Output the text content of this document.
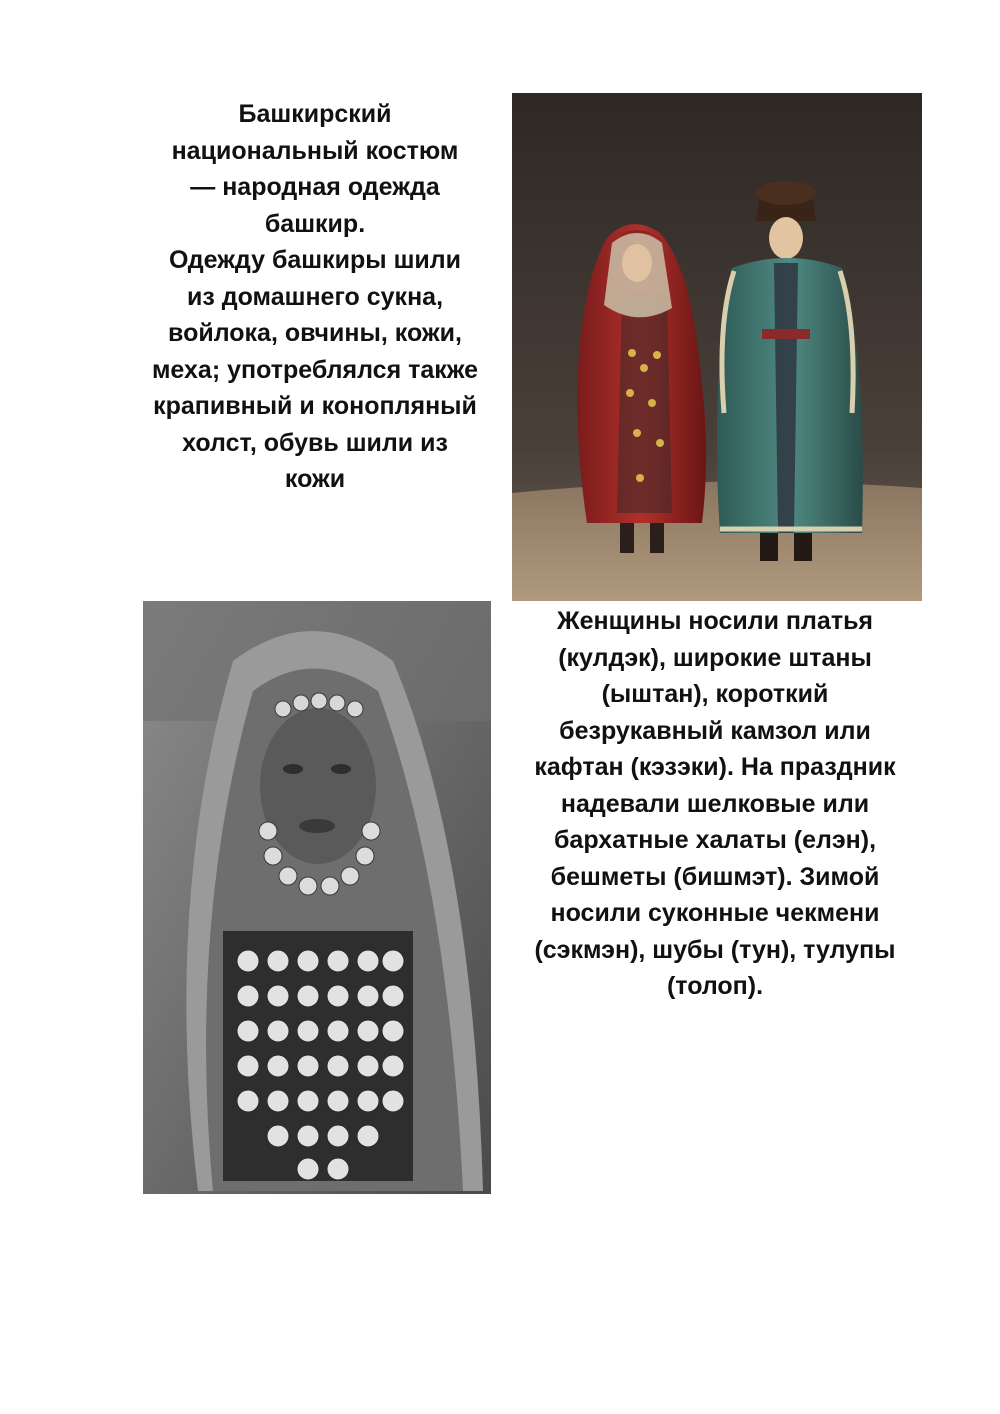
Башкирский
национальный костюм
— народная одежда
башкир.
Одежду башкиры шили
из домашнего сукна,
войлока, овчины, кожи,
меха; употреблялся также
крапивный и конопляный
холст, обувь шили из
кожи

Женщины носили платья
(кулдэк), широкие штаны
(ыштан), короткий
безрукавный камзол или
кафтан (кэзэки). На праздник
надевали шелковые или
бархатные халаты (елэн),
бешметы (бишмэт). Зимой
носили суконные чекмени
(сэкмэн), шубы (тун), тулупы
(толоп).
